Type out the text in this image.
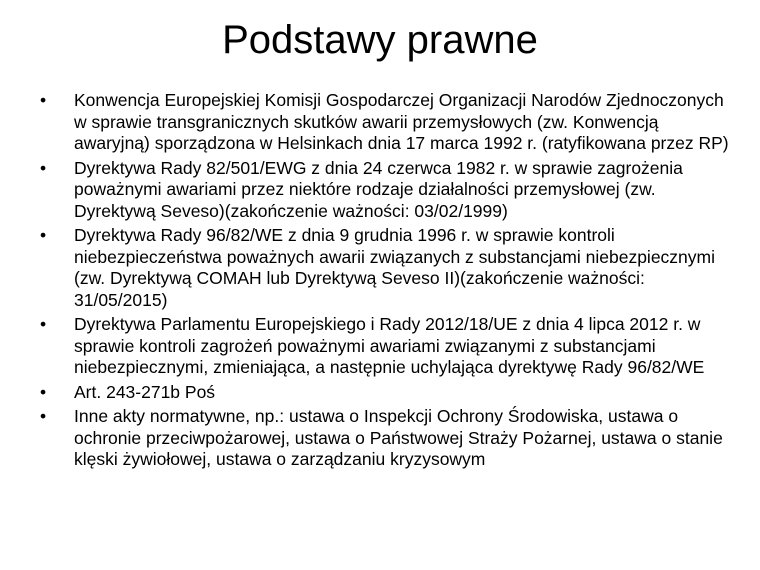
Podstawy prawne
• Konwencja Europejskiej Komisji Gospodarczej Organizacji Narodów Zjednoczonych w sprawie transgranicznych skutków awarii przemysłowych (zw. Konwencją awaryjną) sporządzona w Helsinkach dnia 17 marca 1992 r. (ratyfikowana przez RP)
• Dyrektywa Rady 82/501/EWG z dnia 24 czerwca 1982 r. w sprawie zagrożenia poważnymi awariami przez niektóre rodzaje działalności przemysłowej (zw. Dyrektywą Seveso)(zakończenie ważności: 03/02/1999)
• Dyrektywa Rady 96/82/WE z dnia 9 grudnia 1996 r. w sprawie kontroli niebezpieczeństwa poważnych awarii związanych z substancjami niebezpiecznymi (zw. Dyrektywą COMAH lub Dyrektywą Seveso II)(zakończenie ważności: 31/05/2015)
• Dyrektywa Parlamentu Europejskiego i Rady 2012/18/UE z dnia 4 lipca 2012 r. w sprawie kontroli zagrożeń poważnymi awariami związanymi z substancjami niebezpiecznymi, zmieniająca, a następnie uchylająca dyrektywę Rady 96/82/WE
• Art. 243-271b Poś
• Inne akty normatywne, np.: ustawa o Inspekcji Ochrony Środowiska, ustawa o ochronie przeciwpożarowej, ustawa o Państwowej Straży Pożarnej, ustawa o stanie klęski żywiołowej, ustawa o zarządzaniu kryzysowym
